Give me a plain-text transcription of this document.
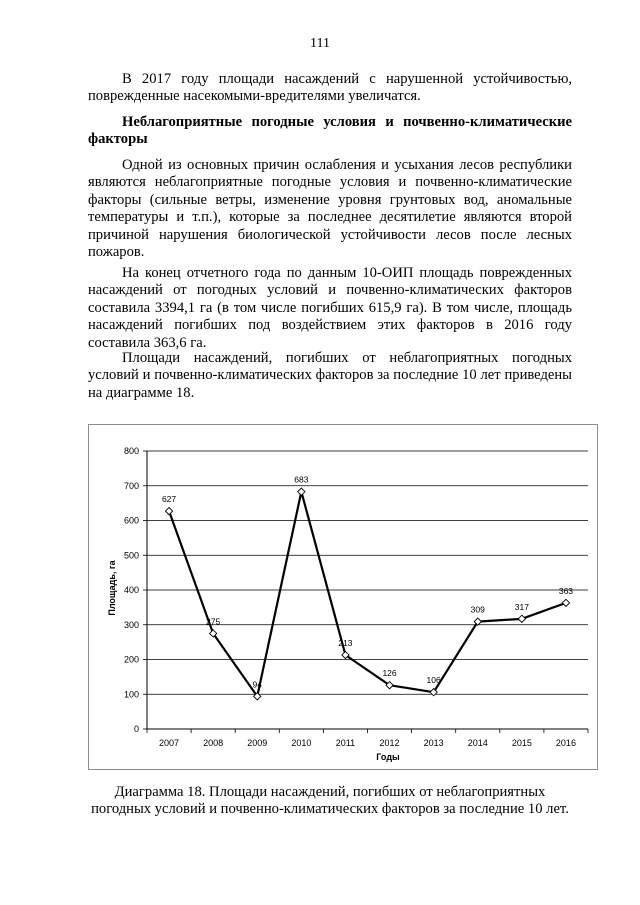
111
В 2017 году площади насаждений с нарушенной устойчивостью, поврежденные насекомыми-вредителями увеличатся.
Неблагоприятные погодные условия и почвенно-климатические факторы
Одной из основных причин ослабления и усыхания лесов республики являются неблагоприятные погодные условия и почвенно-климатические факторы (сильные ветры, изменение уровня грунтовых вод, аномальные температуры и т.п.), которые за последнее десятилетие являются второй причиной нарушения биологической устойчивости лесов после лесных пожаров.
На конец отчетного года по данным 10-ОИП площадь поврежденных насаждений от погодных условий и почвенно-климатических факторов составила 3394,1 га (в том числе погибших 615,9 га). В том числе, площадь насаждений погибших под воздействием этих факторов в 2016 году составила 363,6 га.
Площади насаждений, погибших от неблагоприятных погодных условий и почвенно-климатических факторов за последние 10 лет приведены на диаграмме 18.
0
100
200
300
400
500
600
700
800
2007	2008	2009	2010	2011	2012	2013	2014	2015	2016
627
275
94
683
213
126
106
309	317
363
Годы
Площадь, га
Диаграмма 18. Площади насаждений, погибших от неблагоприятных погодных условий и почвенно-климатических факторов за последние 10 лет.
